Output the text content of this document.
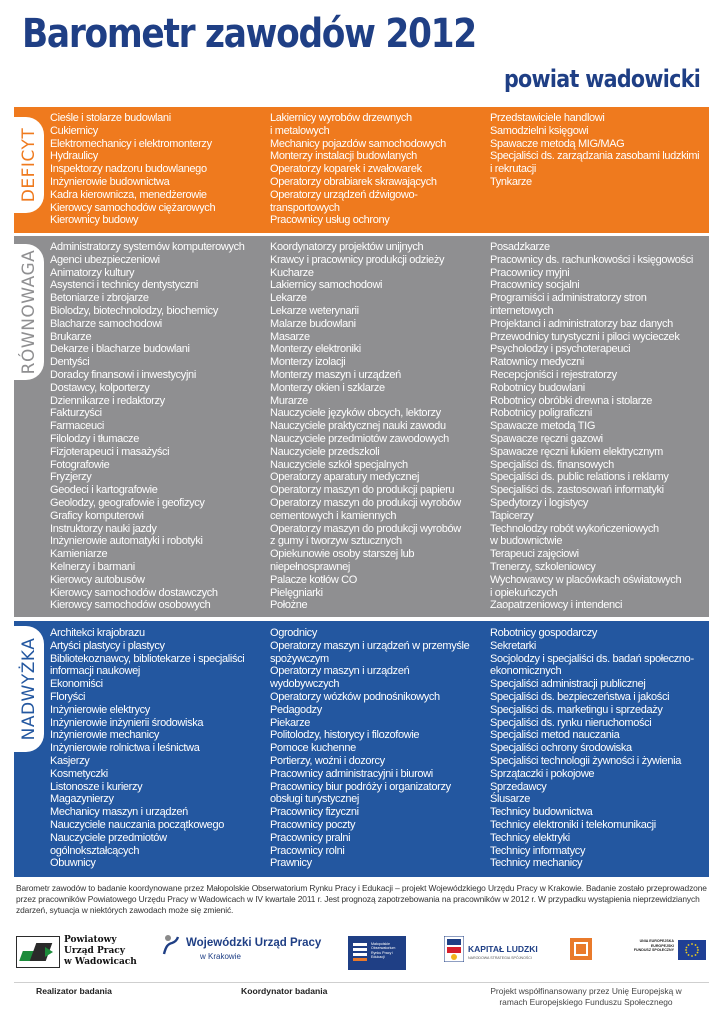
Barometr zawodów 2012
powiat wadowicki
DEFICYT
Cieśle i stolarze budowlani
Cukiernicy
Elektromechanicy i elektromonterzy
Hydraulicy
Inspektorzy nadzoru budowlanego
Inżynierowie budownictwa
Kadra kierownicza, menedżerowie
Kierowcy samochodów ciężarowych
Kierownicy budowy
Lakiernicy wyrobów drzewnych
i metalowych
Mechanicy pojazdów samochodowych
Monterzy instalacji budowlanych
Operatorzy koparek i zwałowarek
Operatorzy obrabiarek skrawających
Operatorzy urządzeń dźwigowo-
transportowych
Pracownicy usług ochrony
Przedstawiciele handlowi
Samodzielni księgowi
Spawacze metodą MIG/MAG
Specjaliści ds. zarządzania zasobami ludzkimi
i rekrutacji
Tynkarze
RÓWNOWAGA
Administratorzy systemów komputerowych
Agenci ubezpieczeniowi
Animatorzy kultury
Asystenci i technicy dentystyczni
Betoniarze i zbrojarze
Biolodzy, biotechnolodzy, biochemicy
Blacharze samochodowi
Brukarze
Dekarze i blacharze budowlani
Dentyści
Doradcy finansowi i inwestycyjni
Dostawcy, kolporterzy
Dziennikarze i redaktorzy
Fakturzyści
Farmaceuci
Filolodzy i tłumacze
Fizjoterapeuci i masażyści
Fotografowie
Fryzjerzy
Geodeci i kartografowie
Geolodzy, geografowie i geofizycy
Graficy komputerowi
Instruktorzy nauki jazdy
Inżynierowie automatyki i robotyki
Kamieniarze
Kelnerzy i barmani
Kierowcy autobusów
Kierowcy samochodów dostawczych
Kierowcy samochodów osobowych
Koordynatorzy projektów unijnych
Krawcy i pracownicy produkcji odzieży
Kucharze
Lakiernicy samochodowi
Lekarze
Lekarze weterynarii
Malarze budowlani
Masarze
Monterzy elektroniki
Monterzy izolacji
Monterzy maszyn i urządzeń
Monterzy okien i szklarze
Murarze
Nauczyciele języków obcych, lektorzy
Nauczyciele praktycznej nauki zawodu
Nauczyciele przedmiotów zawodowych
Nauczyciele przedszkoli
Nauczyciele szkół specjalnych
Operatorzy aparatury medycznej
Operatorzy maszyn do produkcji papieru
Operatorzy maszyn do produkcji wyrobów
cementowych i kamiennych
Operatorzy maszyn do produkcji wyrobów
z gumy i tworzyw sztucznych
Opiekunowie osoby starszej lub
niepełnosprawnej
Palacze kotłów CO
Pielęgniarki
Położne
Posadzkarze
Pracownicy ds. rachunkowości i księgowości
Pracownicy myjni
Pracownicy socjalni
Programiści i administratorzy stron
internetowych
Projektanci i administratorzy baz danych
Przewodnicy turystyczni i piloci wycieczek
Psycholodzy i psychoterapeuci
Ratownicy medyczni
Recepcjoniści i rejestratorzy
Robotnicy budowlani
Robotnicy obróbki drewna i stolarze
Robotnicy poligraficzni
Spawacze metodą TIG
Spawacze ręczni gazowi
Spawacze ręczni łukiem elektrycznym
Specjaliści ds. finansowych
Specjaliści ds. public relations i reklamy
Specjaliści ds. zastosowań informatyki
Spedytorzy i logistycy
Tapicerzy
Technolodzy robót wykończeniowych
w budownictwie
Terapeuci zajęciowi
Trenerzy, szkoleniowcy
Wychowawcy w placówkach oświatowych
i opiekuńczych
Zaopatrzeniowcy i intendenci
NADWYŻKA
Architekci krajobrazu
Artyści plastycy i plastycy
Bibliotekoznawcy, bibliotekarze i specjaliści
informacji naukowej
Ekonomiści
Floryści
Inżynierowie elektrycy
Inżynierowie inżynierii środowiska
Inżynierowie mechanicy
Inżynierowie rolnictwa i leśnictwa
Kasjerzy
Kosmetyczki
Listonosze i kurierzy
Magazynierzy
Mechanicy maszyn i urządzeń
Nauczyciele nauczania początkowego
Nauczyciele przedmiotów
ogólnokształcących
Obuwnicy
Ogrodnicy
Operatorzy maszyn i urządzeń w przemyśle
spożywczym
Operatorzy maszyn i urządzeń
wydobywczych
Operatorzy wózków podnośnikowych
Pedagodzy
Piekarze
Politolodzy, historycy i filozofowie
Pomoce kuchenne
Portierzy, woźni i dozorcy
Pracownicy administracyjni i biurowi
Pracownicy biur podróży i organizatorzy
obsługi turystycznej
Pracownicy fizyczni
Pracownicy poczty
Pracownicy pralni
Pracownicy rolni
Prawnicy
Robotnicy gospodarczy
Sekretarki
Socjolodzy i specjaliści ds. badań społeczno-
ekonomicznych
Specjaliści administracji publicznej
Specjaliści ds. bezpieczeństwa i jakości
Specjaliści ds. marketingu i sprzedaży
Specjaliści ds. rynku nieruchomości
Specjaliści metod nauczania
Specjaliści ochrony środowiska
Specjaliści technologii żywności i żywienia
Sprzątaczki i pokojowe
Sprzedawcy
Ślusarze
Technicy budownictwa
Technicy elektroniki i telekomunikacji
Technicy elektryki
Technicy informatycy
Technicy mechanicy

Barometr zawodów to badanie koordynowane przez Małopolskie Obserwatorium Rynku Pracy i Edukacji – projekt Wojewódzkiego Urzędu Pracy w Krakowie. Badanie zostało przeprowadzone przez pracowników Powiatowego Urzędu Pracy w Wadowicach w IV kwartale 2011 r. Jest prognozą zapotrzebowania na pracowników w 2012 r. W przypadku wystąpienia nieprzewidzianych zdarzeń, sytuacja w niektórych zawodach może się zmienić.

Powiatowy
Urząd Pracy
w Wadowicach
Wojewódzki Urząd Pracy
w Krakowie
Małopolskie Obserwatorium Rynku Pracy i Edukacji
KAPITAŁ LUDZKI
NARODOWA STRATEGIA SPÓJNOŚCI
UNIA EUROPEJSKA
EUROPEJSKI
FUNDUSZ SPOŁECZNY
Realizator badania	Koordynator badania	Projekt współfinansowany przez Unię Europejską w ramach Europejskiego Funduszu Społecznego
